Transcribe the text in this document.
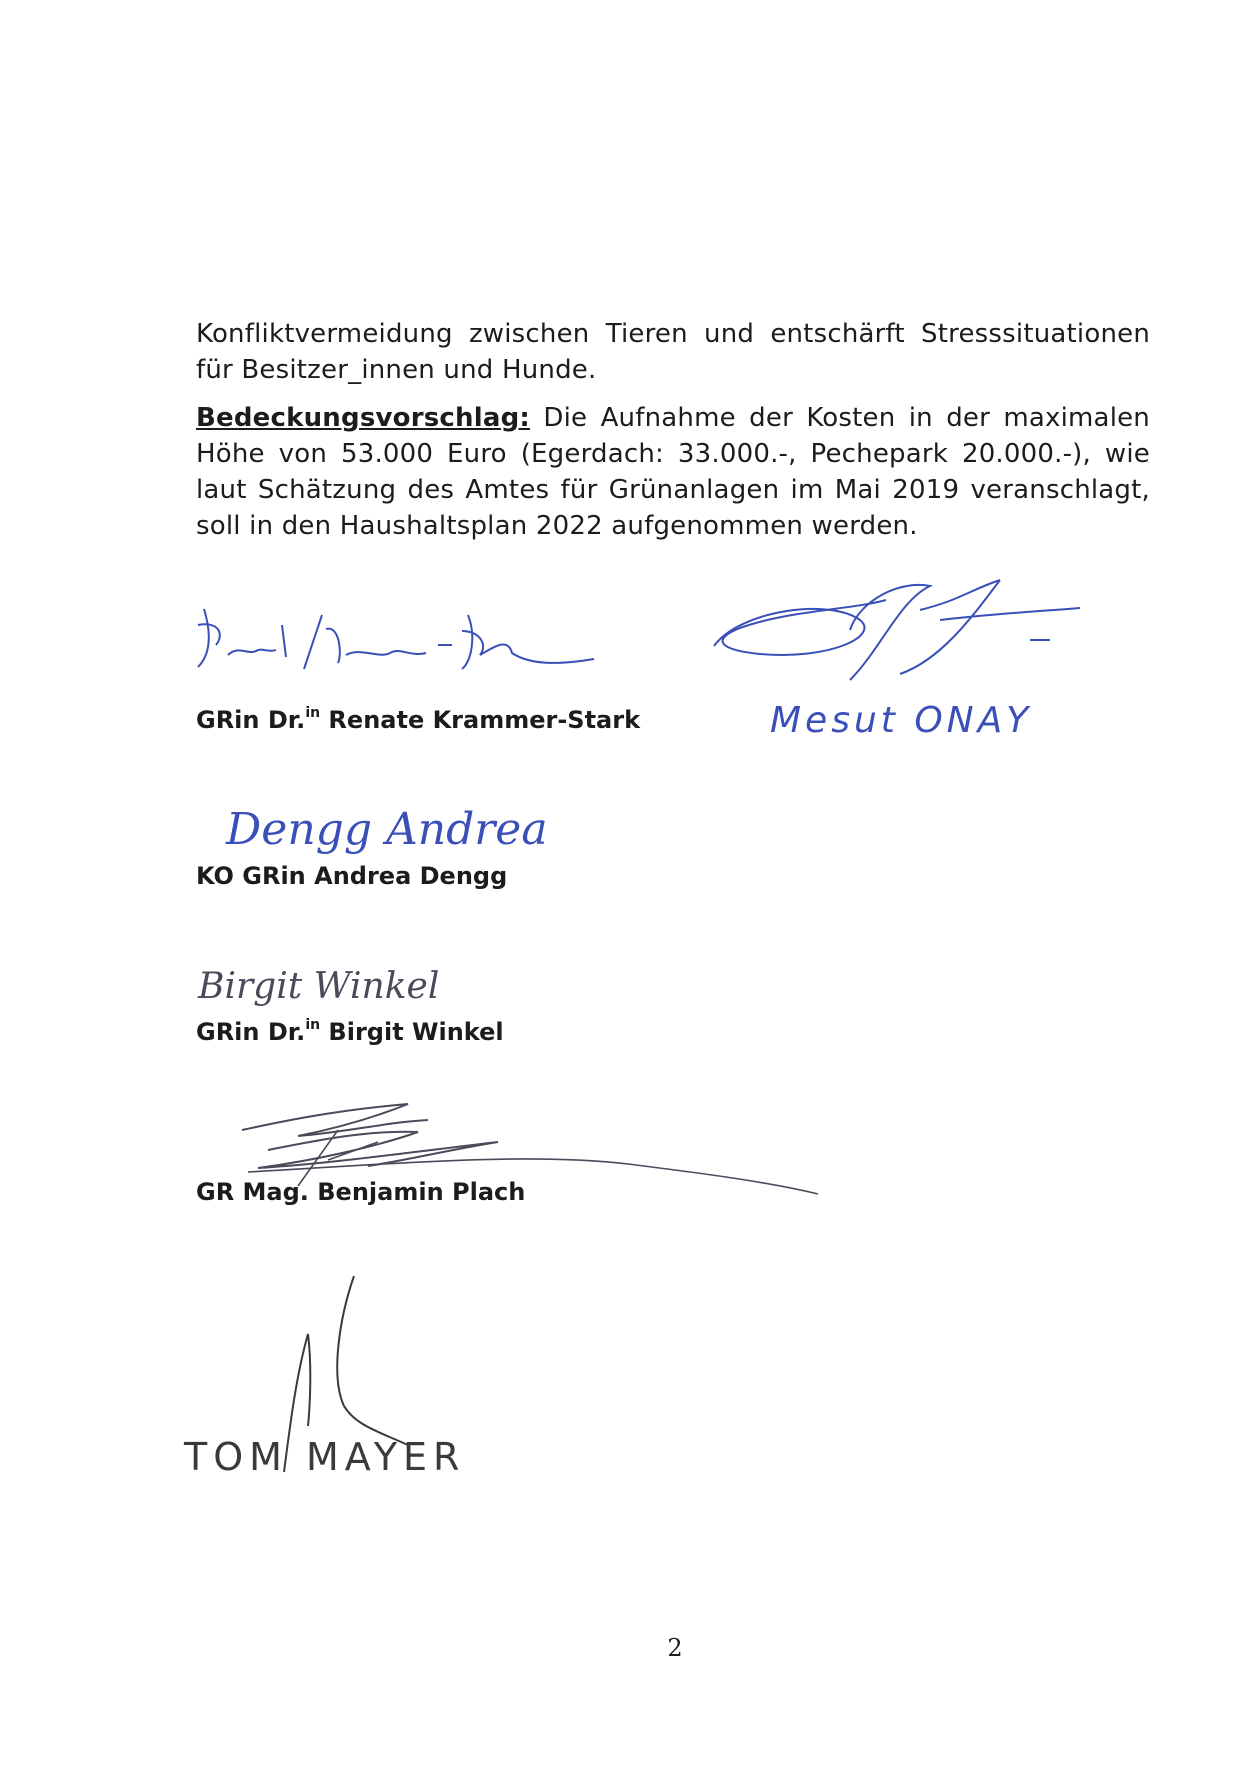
Konfliktvermeidung zwischen Tieren und entschärft Stresssituationen für Besitzer_innen und Hunde.

Bedeckungsvorschlag: Die Aufnahme der Kosten in der maximalen Höhe von 53.000 Euro (Egerdach: 33.000.-, Pechepark 20.000.-), wie laut Schätzung des Amtes für Grünanlagen im Mai 2019 veranschlagt, soll in den Haushaltsplan 2022 aufgenommen werden.

Renate Krammer-Stark
GRin Dr.$^{in}$ Renate Krammer-Stark	Mesut ONAY
Dengg Andrea
KO GRin Andrea Dengg
Birgit Winkel
GRin Dr.$^{in}$ Birgit Winkel
GR Mag. Benjamin Plach
TOM MAYER
2
